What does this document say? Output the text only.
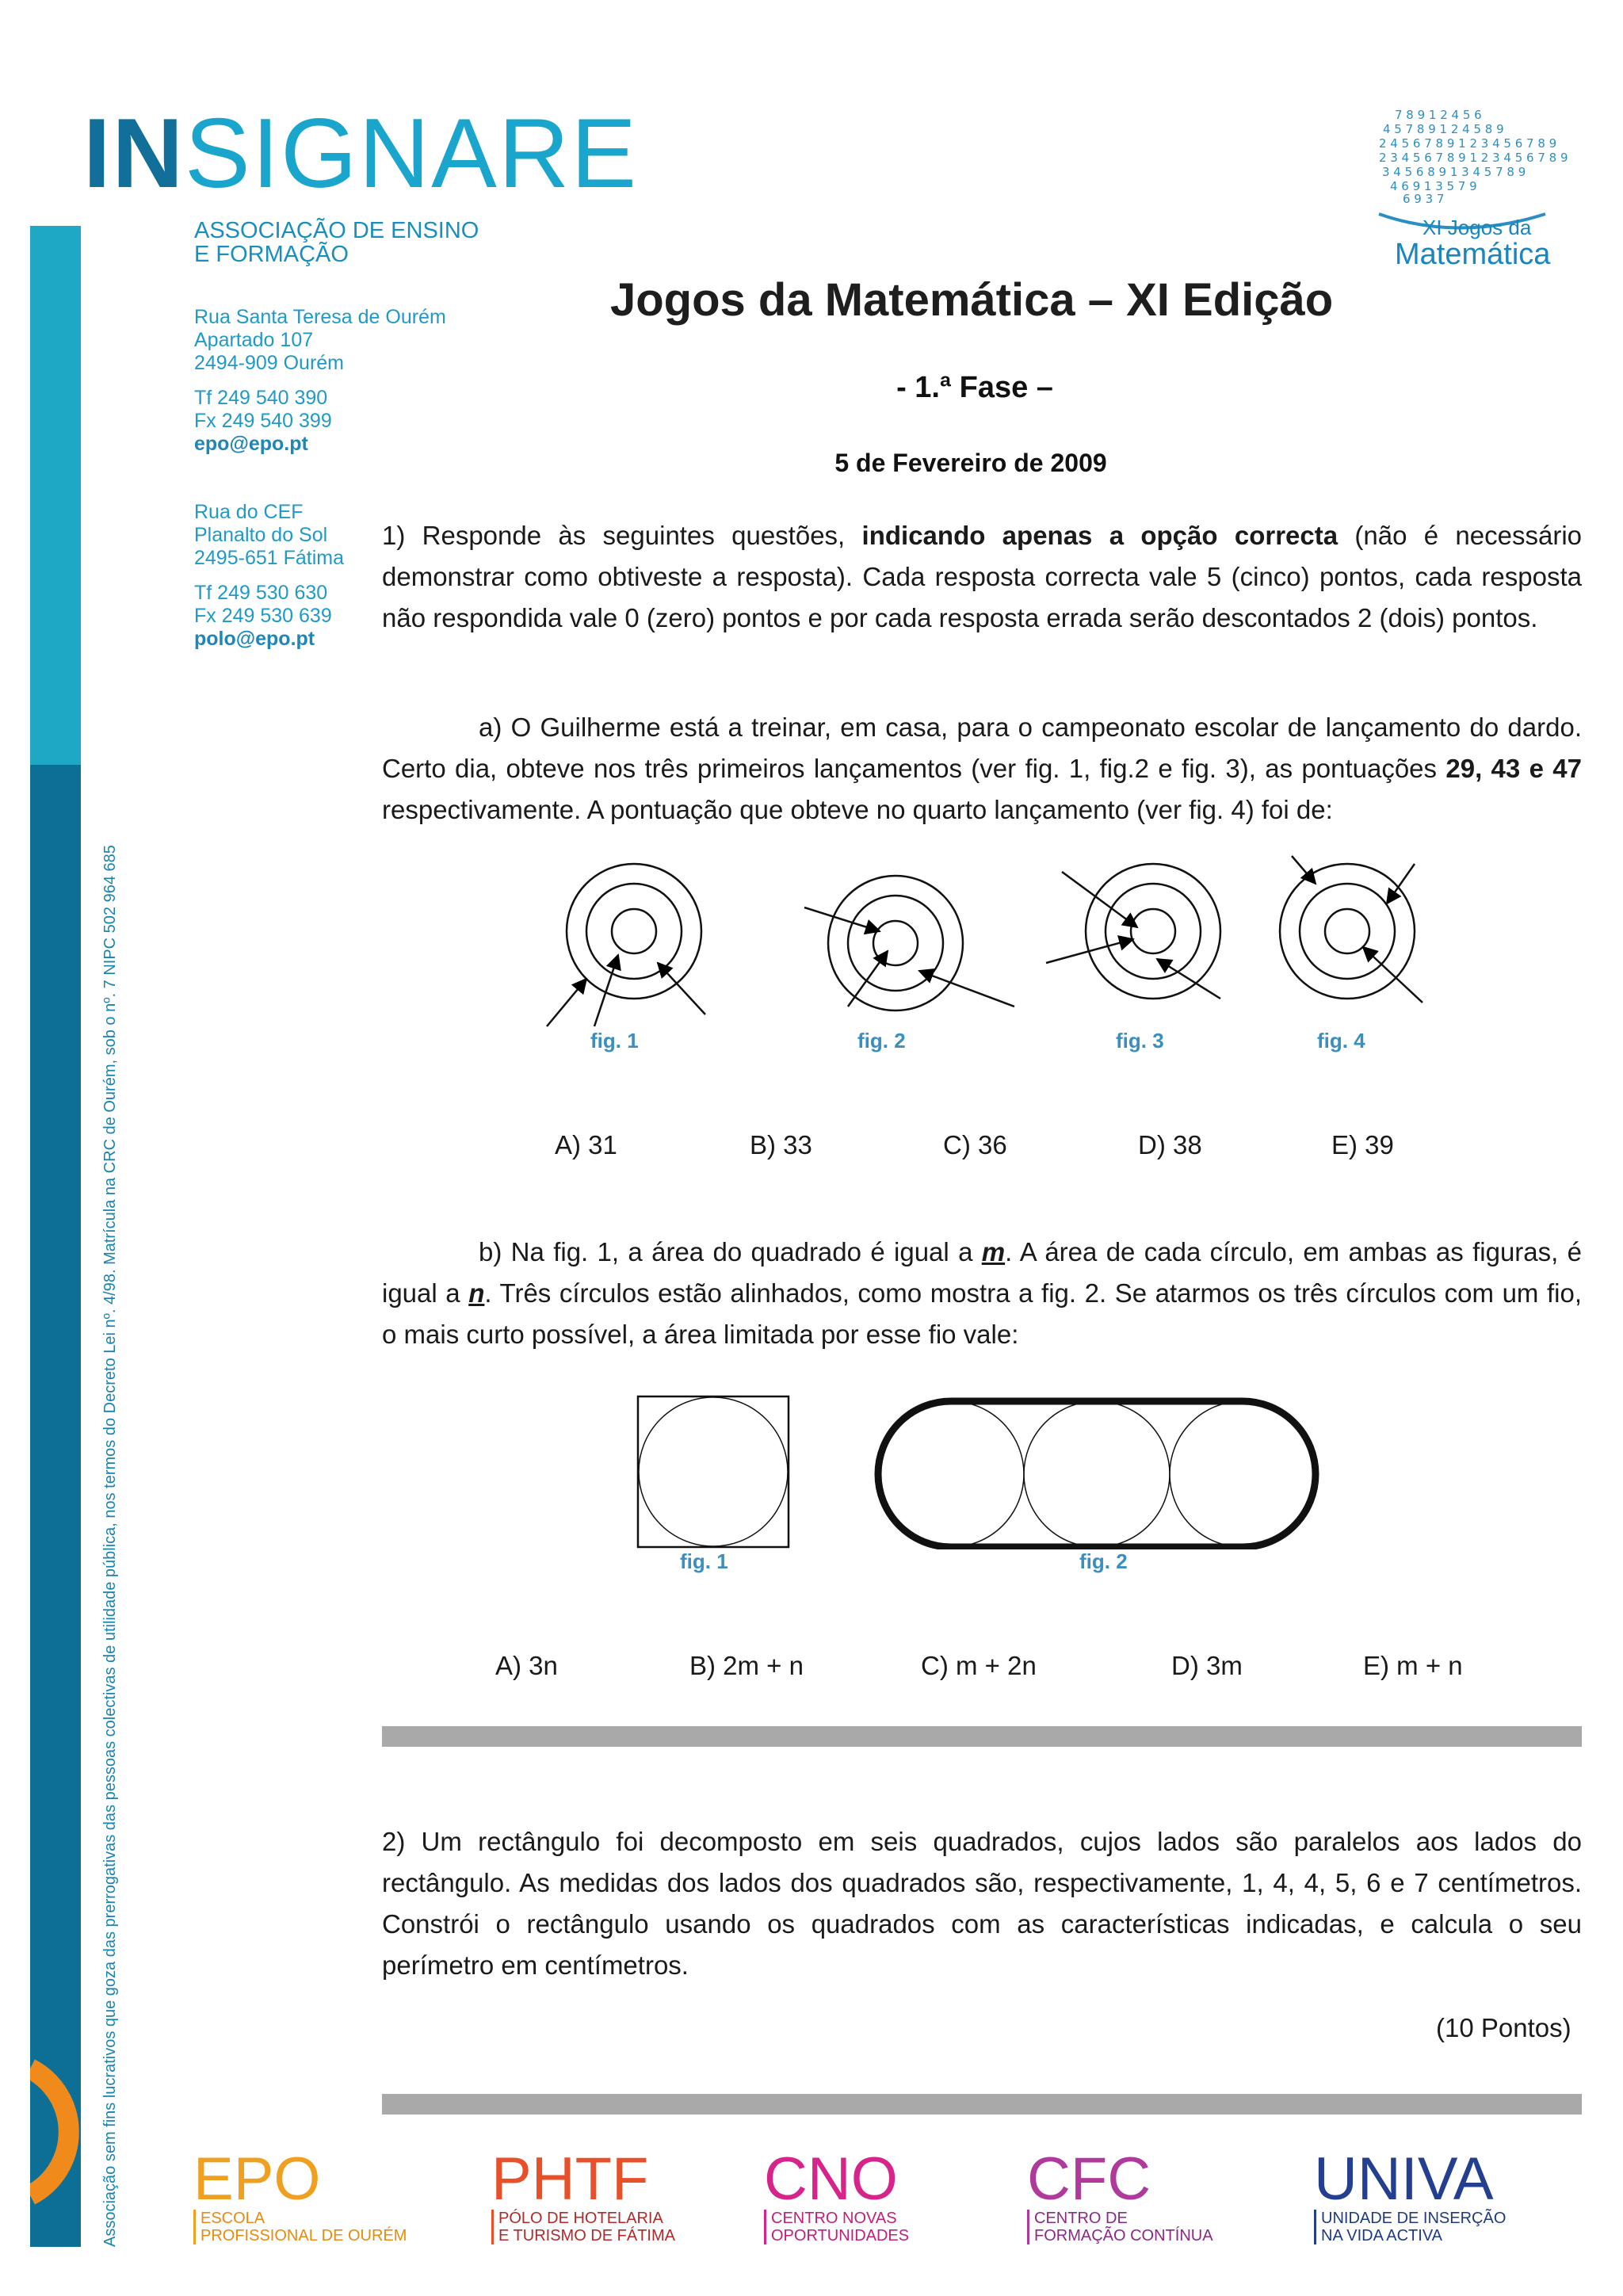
Associação sem fins lucrativos que goza das prerrogativas das pessoas colectivas de utilidade pública, nos termos do Decreto Lei nº. 4/98. Matrícula na CRC de Ourém, sob o nº. 7 NIPC 502 964 685
INSIGNARE
ASSOCIAÇÃO DE ENSINO
E FORMAÇÃO
Rua Santa Teresa de Ourém
Apartado 107
2494-909 Ourém
Tf 249 540 390
Fx 249 540 399
epo@epo.pt
Rua do CEF
Planalto do Sol
2495-651 Fátima
Tf 249 530 630
Fx 249 530 639
polo@epo.pt
7 8 9 1 2 4 5 6
4 5 7 8 9 1 2 4 5 8 9
2 4 5 6 7 8 9 1 2 3 4 5 6 7 8 9
2 3 4 5 6 7 8 9 1 2 3 4 5 6 7 8 9
3 4 5 6 8 9 1 3 4 5 7 8 9
4 6 9 1 3 5 7 9
6 9 3 7
XI Jogos da
Matemática
Jogos da Matemática – XI Edição
- 1.ª Fase –
5 de Fevereiro de 2009
1) Responde às seguintes questões, indicando apenas a opção correcta (não é necessário demonstrar como obtiveste a resposta). Cada resposta correcta vale 5 (cinco) pontos, cada resposta não respondida vale 0 (zero) pontos e por cada resposta errada serão descontados 2 (dois) pontos.
a) O Guilherme está a treinar, em casa, para o campeonato escolar de lançamento do dardo. Certo dia, obteve nos três primeiros lançamentos (ver fig. 1, fig.2 e fig. 3), as pontuações 29, 43 e 47 respectivamente. A pontuação que obteve no quarto lançamento (ver fig. 4) foi de:
fig. 1	fig. 2	fig. 3	fig. 4
A) 31	B) 33	C) 36	D) 38	E) 39
b) Na fig. 1, a área do quadrado é igual a m. A área de cada círculo, em ambas as figuras, é igual a n. Três círculos estão alinhados, como mostra a fig. 2. Se atarmos os três círculos com um fio, o mais curto possível, a área limitada por esse fio vale:
fig. 1	fig. 2
A) 3n	B) 2m + n	C) m + 2n	D) 3m	E) m + n
2) Um rectângulo foi decomposto em seis quadrados, cujos lados são paralelos aos lados do rectângulo. As medidas dos lados dos quadrados são, respectivamente, 1, 4, 4, 5, 6 e 7 centímetros. Constrói o rectângulo usando os quadrados com as características indicadas, e calcula o seu perímetro em centímetros.
(10 Pontos)
EPO
ESCOLA
PROFISSIONAL DE OURÉM
PHTF
PÓLO DE HOTELARIA
E TURISMO DE FÁTIMA
CNO
CENTRO NOVAS
OPORTUNIDADES
CFC
CENTRO DE
FORMAÇÃO CONTÍNUA
UNIVA
UNIDADE DE INSERÇÃO
NA VIDA ACTIVA
